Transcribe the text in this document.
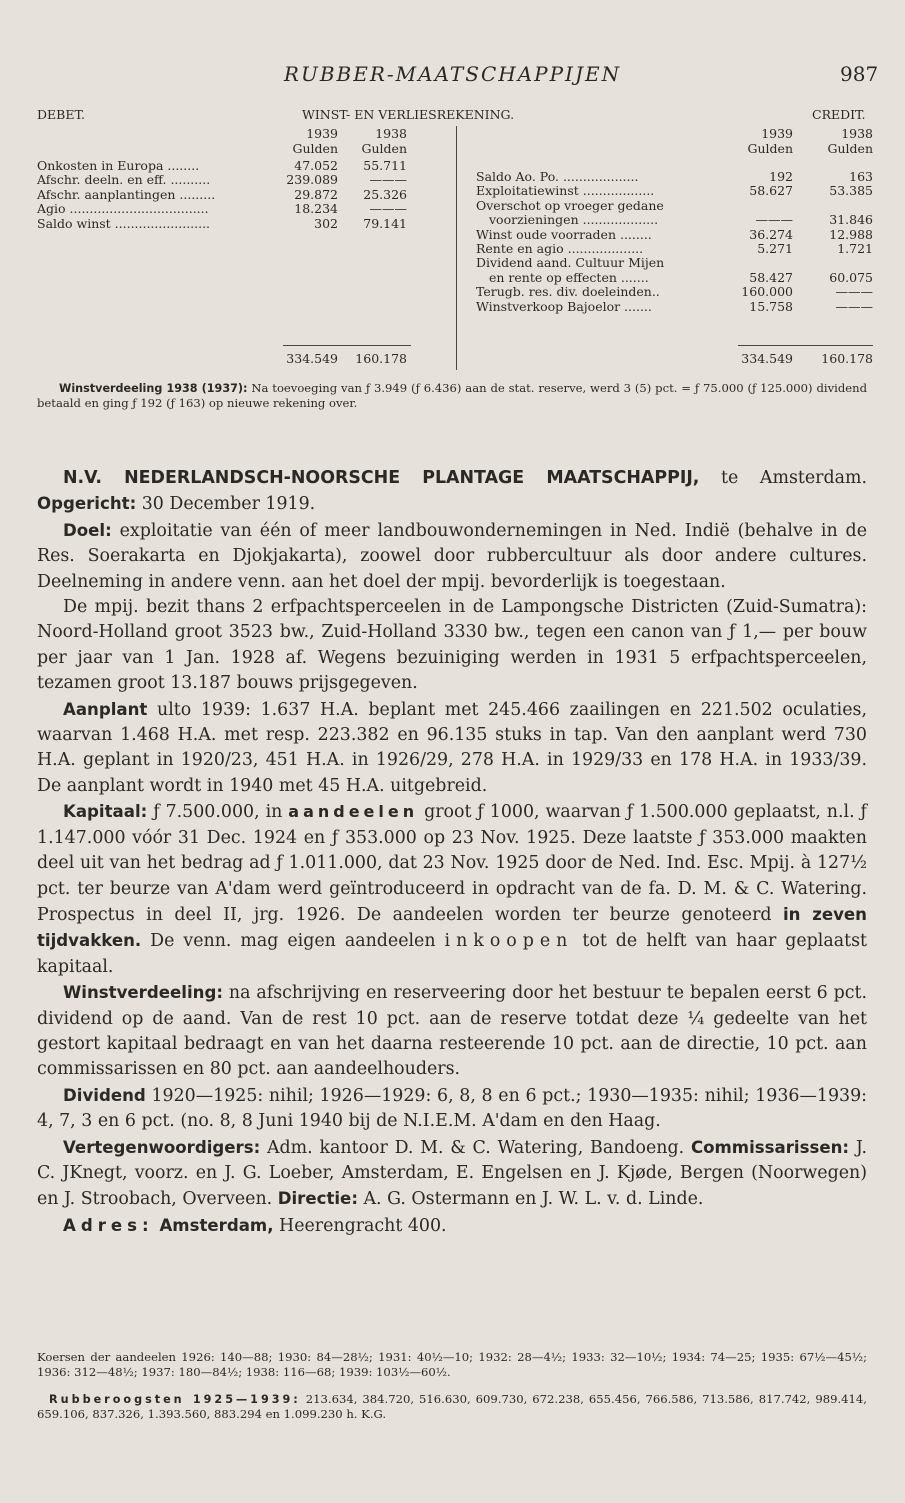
RUBBER-MAATSCHAPPIJEN	987
DEBET.	WINST- EN VERLIESREKENING.	CREDIT.
1939	1938
Gulden	Gulden
1939	1938
Gulden	Gulden
Onkosten in Europa ........	47.052	55.711
Afschr. deeln. en eff. ..........	239.089	———
Afschr. aanplantingen .........	29.872	25.326
Agio ...................................	18.234	———
Saldo winst ........................	302	79.141
Saldo Ao. Po. ...................	192	163
Exploitatiewinst ..................	58.627	53.385
Overschot op vroeger gedane
voorzieningen ...................	———	31.846
Winst oude voorraden ........	36.274	12.988
Rente en agio ...................	5.271	1.721
Dividend aand. Cultuur Mijen
en rente op effecten .......	58.427	60.075
Terugb. res. div. doeleinden..	160.000	———
Winstverkoop Bajoelor .......	15.758	———
334.549 160.178	334.549 160.178
Winstverdeeling 1938 (1937): Na toevoeging van ƒ 3.949 (ƒ 6.436) aan de stat. reserve, werd 3 (5) pct. = ƒ 75.000 (ƒ 125.000) dividend betaald en ging ƒ 192 (ƒ 163) op nieuwe rekening over.

N.V. NEDERLANDSCH-NOORSCHE PLANTAGE MAATSCHAPPIJ, te Amsterdam. Opgericht: 30 December 1919.

Doel: exploitatie van één of meer landbouwondernemingen in Ned. Indië (behalve in de Res. Soerakarta en Djokjakarta), zoowel door rubbercultuur als door andere cultures. Deelneming in andere venn. aan het doel der mpij. bevorderlijk is toegestaan.

De mpij. bezit thans 2 erfpachtsperceelen in de Lampongsche Districten (Zuid-Sumatra): Noord-Holland groot 3523 bw., Zuid-Holland 3330 bw., tegen een canon van ƒ 1,— per bouw per jaar van 1 Jan. 1928 af. Wegens bezuiniging werden in 1931 5 erfpachtsperceelen, tezamen groot 13.187 bouws prijsgegeven.

Aanplant ulto 1939: 1.637 H.A. beplant met 245.466 zaailingen en 221.502 oculaties, waarvan 1.468 H.A. met resp. 223.382 en 96.135 stuks in tap. Van den aanplant werd 730 H.A. geplant in 1920/23, 451 H.A. in 1926/29, 278 H.A. in 1929/33 en 178 H.A. in 1933/39. De aanplant wordt in 1940 met 45 H.A. uitgebreid.

Kapitaal: ƒ 7.500.000, in aandeelen groot ƒ 1000, waarvan ƒ 1.500.000 geplaatst, n.l. ƒ 1.147.000 vóór 31 Dec. 1924 en ƒ 353.000 op 23 Nov. 1925. Deze laatste ƒ 353.000 maakten deel uit van het bedrag ad ƒ 1.011.000, dat 23 Nov. 1925 door de Ned. Ind. Esc. Mpij. à 127½ pct. ter beurze van A'dam werd geïntroduceerd in opdracht van de fa. D. M. & C. Watering. Prospectus in deel II, jrg. 1926. De aandeelen worden ter beurze genoteerd in zeven tijdvakken. De venn. mag eigen aandeelen inkoopen tot de helft van haar geplaatst kapitaal.

Winstverdeeling: na afschrijving en reserveering door het bestuur te bepalen eerst 6 pct. dividend op de aand. Van de rest 10 pct. aan de reserve totdat deze ¼ gedeelte van het gestort kapitaal bedraagt en van het daarna resteerende 10 pct. aan de directie, 10 pct. aan commissarissen en 80 pct. aan aandeelhouders.

Dividend 1920—1925: nihil; 1926—1929: 6, 8, 8 en 6 pct.; 1930—1935: nihil; 1936—1939: 4, 7, 3 en 6 pct. (no. 8, 8 Juni 1940 bij de N.I.E.M. A'dam en den Haag.

Vertegenwoordigers: Adm. kantoor D. M. & C. Watering, Bandoeng. Commissarissen: J. C. JKnegt, voorz. en J. G. Loeber, Amsterdam, E. Engelsen en J. Kjøde, Bergen (Noorwegen) en J. Stroobach, Overveen. Directie: A. G. Ostermann en J. W. L. v. d. Linde.

Adres: Amsterdam, Heerengracht 400.

Koersen der aandeelen 1926: 140—88; 1930: 84—28½; 1931: 40½—10; 1932: 28—4½; 1933: 32—10½; 1934: 74—25; 1935: 67½—45½; 1936: 312—48½; 1937: 180—84½; 1938: 116—68; 1939: 103½—60½.
Rubberoogsten 1925—1939: 213.634, 384.720, 516.630, 609.730, 672.238, 655.456, 766.586, 713.586, 817.742, 989.414, 659.106, 837.326, 1.393.560, 883.294 en 1.099.230 h. K.G.
